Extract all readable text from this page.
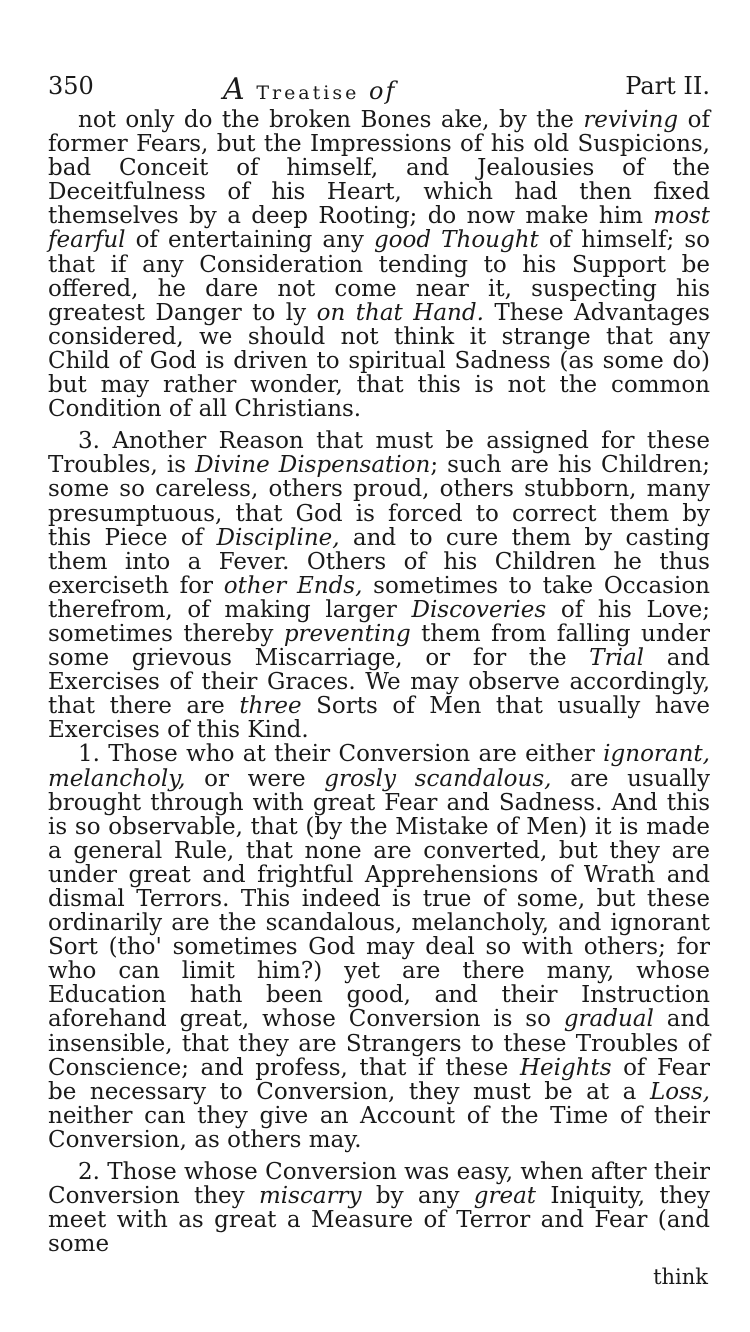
350	A Treatise of	Part II.

not only do the broken Bones ake, by the reviving of former Fears, but the Impressions of his old Suspicions, bad Conceit of himself, and Jealousies of the Deceitfulness of his Heart, which had then fixed themselves by a deep Rooting; do now make him most fearful of entertaining any good Thought of himself; so that if any Consideration tending to his Support be offered, he dare not come near it, suspecting his greatest Danger to ly on that Hand. These Advantages considered, we should not think it strange that any Child of God is driven to spiritual Sadness (as some do) but may rather wonder, that this is not the common Condition of all Christians.

3. Another Reason that must be assigned for these Troubles, is Divine Dispensation; such are his Children; some so careless, others proud, others stubborn, many presumptuous, that God is forced to correct them by this Piece of Discipline, and to cure them by casting them into a Fever. Others of his Children he thus exerciseth for other Ends, sometimes to take Occasion therefrom, of making larger Discoveries of his Love; sometimes thereby preventing them from falling under some grievous Miscarriage, or for the Trial and Exercises of their Graces. We may observe accordingly, that there are three Sorts of Men that usually have Exercises of this Kind.

1. Those who at their Conversion are either ignorant, melancholy, or were grosly scandalous, are usually brought through with great Fear and Sadness. And this is so observable, that (by the Mistake of Men) it is made a general Rule, that none are converted, but they are under great and frightful Apprehensions of Wrath and dismal Terrors. This indeed is true of some, but these ordinarily are the scandalous, melancholy, and ignorant Sort (tho' sometimes God may deal so with others; for who can limit him?) yet are there many, whose Education hath been good, and their Instruction aforehand great, whose Conversion is so gradual and insensible, that they are Strangers to these Troubles of Conscience; and profess, that if these Heights of Fear be necessary to Conversion, they must be at a Loss, neither can they give an Account of the Time of their Conversion, as others may.

2. Those whose Conversion was easy, when after their Conversion they miscarry by any great Iniquity, they meet with as great a Measure of Terror and Fear (and some

think
